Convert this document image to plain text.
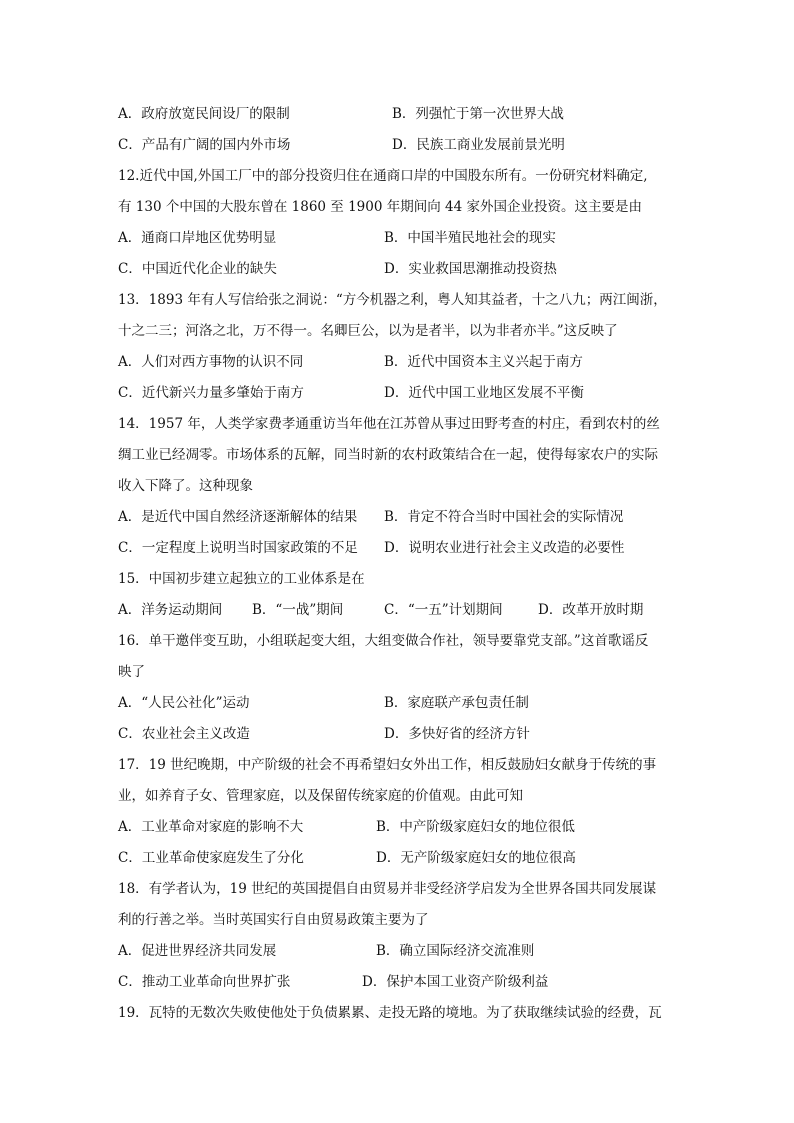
A．政府放宽民间设厂的限制	B．列强忙于第一次世界大战
C．产品有广阔的国内外市场	D．民族工商业发展前景光明
12.近代中国,外国工厂中的部分投资归住在通商口岸的中国股东所有。一份研究材料确定,
有 130 个中国的大股东曾在 1860 至 1900 年期间向 44 家外国企业投资。这主要是由
A．通商口岸地区优势明显	B．中国半殖民地社会的现实
C．中国近代化企业的缺失	D．实业救国思潮推动投资热
13．1893 年有人写信给张之洞说：“方今机器之利，粤人知其益者，十之八九；两江闽浙，
十之二三；河洛之北，万不得一。名卿巨公，以为是者半，以为非者亦半。”这反映了
A．人们对西方事物的认识不同	B．近代中国资本主义兴起于南方
C．近代新兴力量多肇始于南方	D．近代中国工业地区发展不平衡
14．1957 年，人类学家费孝通重访当年他在江苏曾从事过田野考查的村庄，看到农村的丝
绸工业已经凋零。市场体系的瓦解，同当时新的农村政策结合在一起，使得每家农户的实际
收入下降了。这种现象
A．是近代中国自然经济逐渐解体的结果 B．肯定不符合当时中国社会的实际情况
C．一定程度上说明当时国家政策的不足 D．说明农业进行社会主义改造的必要性
15．中国初步建立起独立的工业体系是在
A．洋务运动期间 B．“一战”期间	C．“一五”计划期间	D．改革开放时期
16．单干邀伴变互助，小组联起变大组，大组变做合作社，领导要靠党支部。”这首歌谣反
映了
A．“人民公社化”运动	B．家庭联产承包责任制
C．农业社会主义改造	D．多快好省的经济方针
17．19 世纪晚期，中产阶级的社会不再希望妇女外出工作，相反鼓励妇女献身于传统的事
业，如养育子女、管理家庭，以及保留传统家庭的价值观。由此可知
A．工业革命对家庭的影响不大	B．中产阶级家庭妇女的地位很低
C．工业革命使家庭发生了分化	D．无产阶级家庭妇女的地位很高
18．有学者认为，19 世纪的英国提倡自由贸易并非受经济学启发为全世界各国共同发展谋
利的行善之举。当时英国实行自由贸易政策主要为了
A．促进世界经济共同发展	B．确立国际经济交流准则
C．推动工业革命向世界扩张	D．保护本国工业资产阶级利益
19．瓦特的无数次失败使他处于负债累累、走投无路的境地。为了获取继续试验的经费，瓦
